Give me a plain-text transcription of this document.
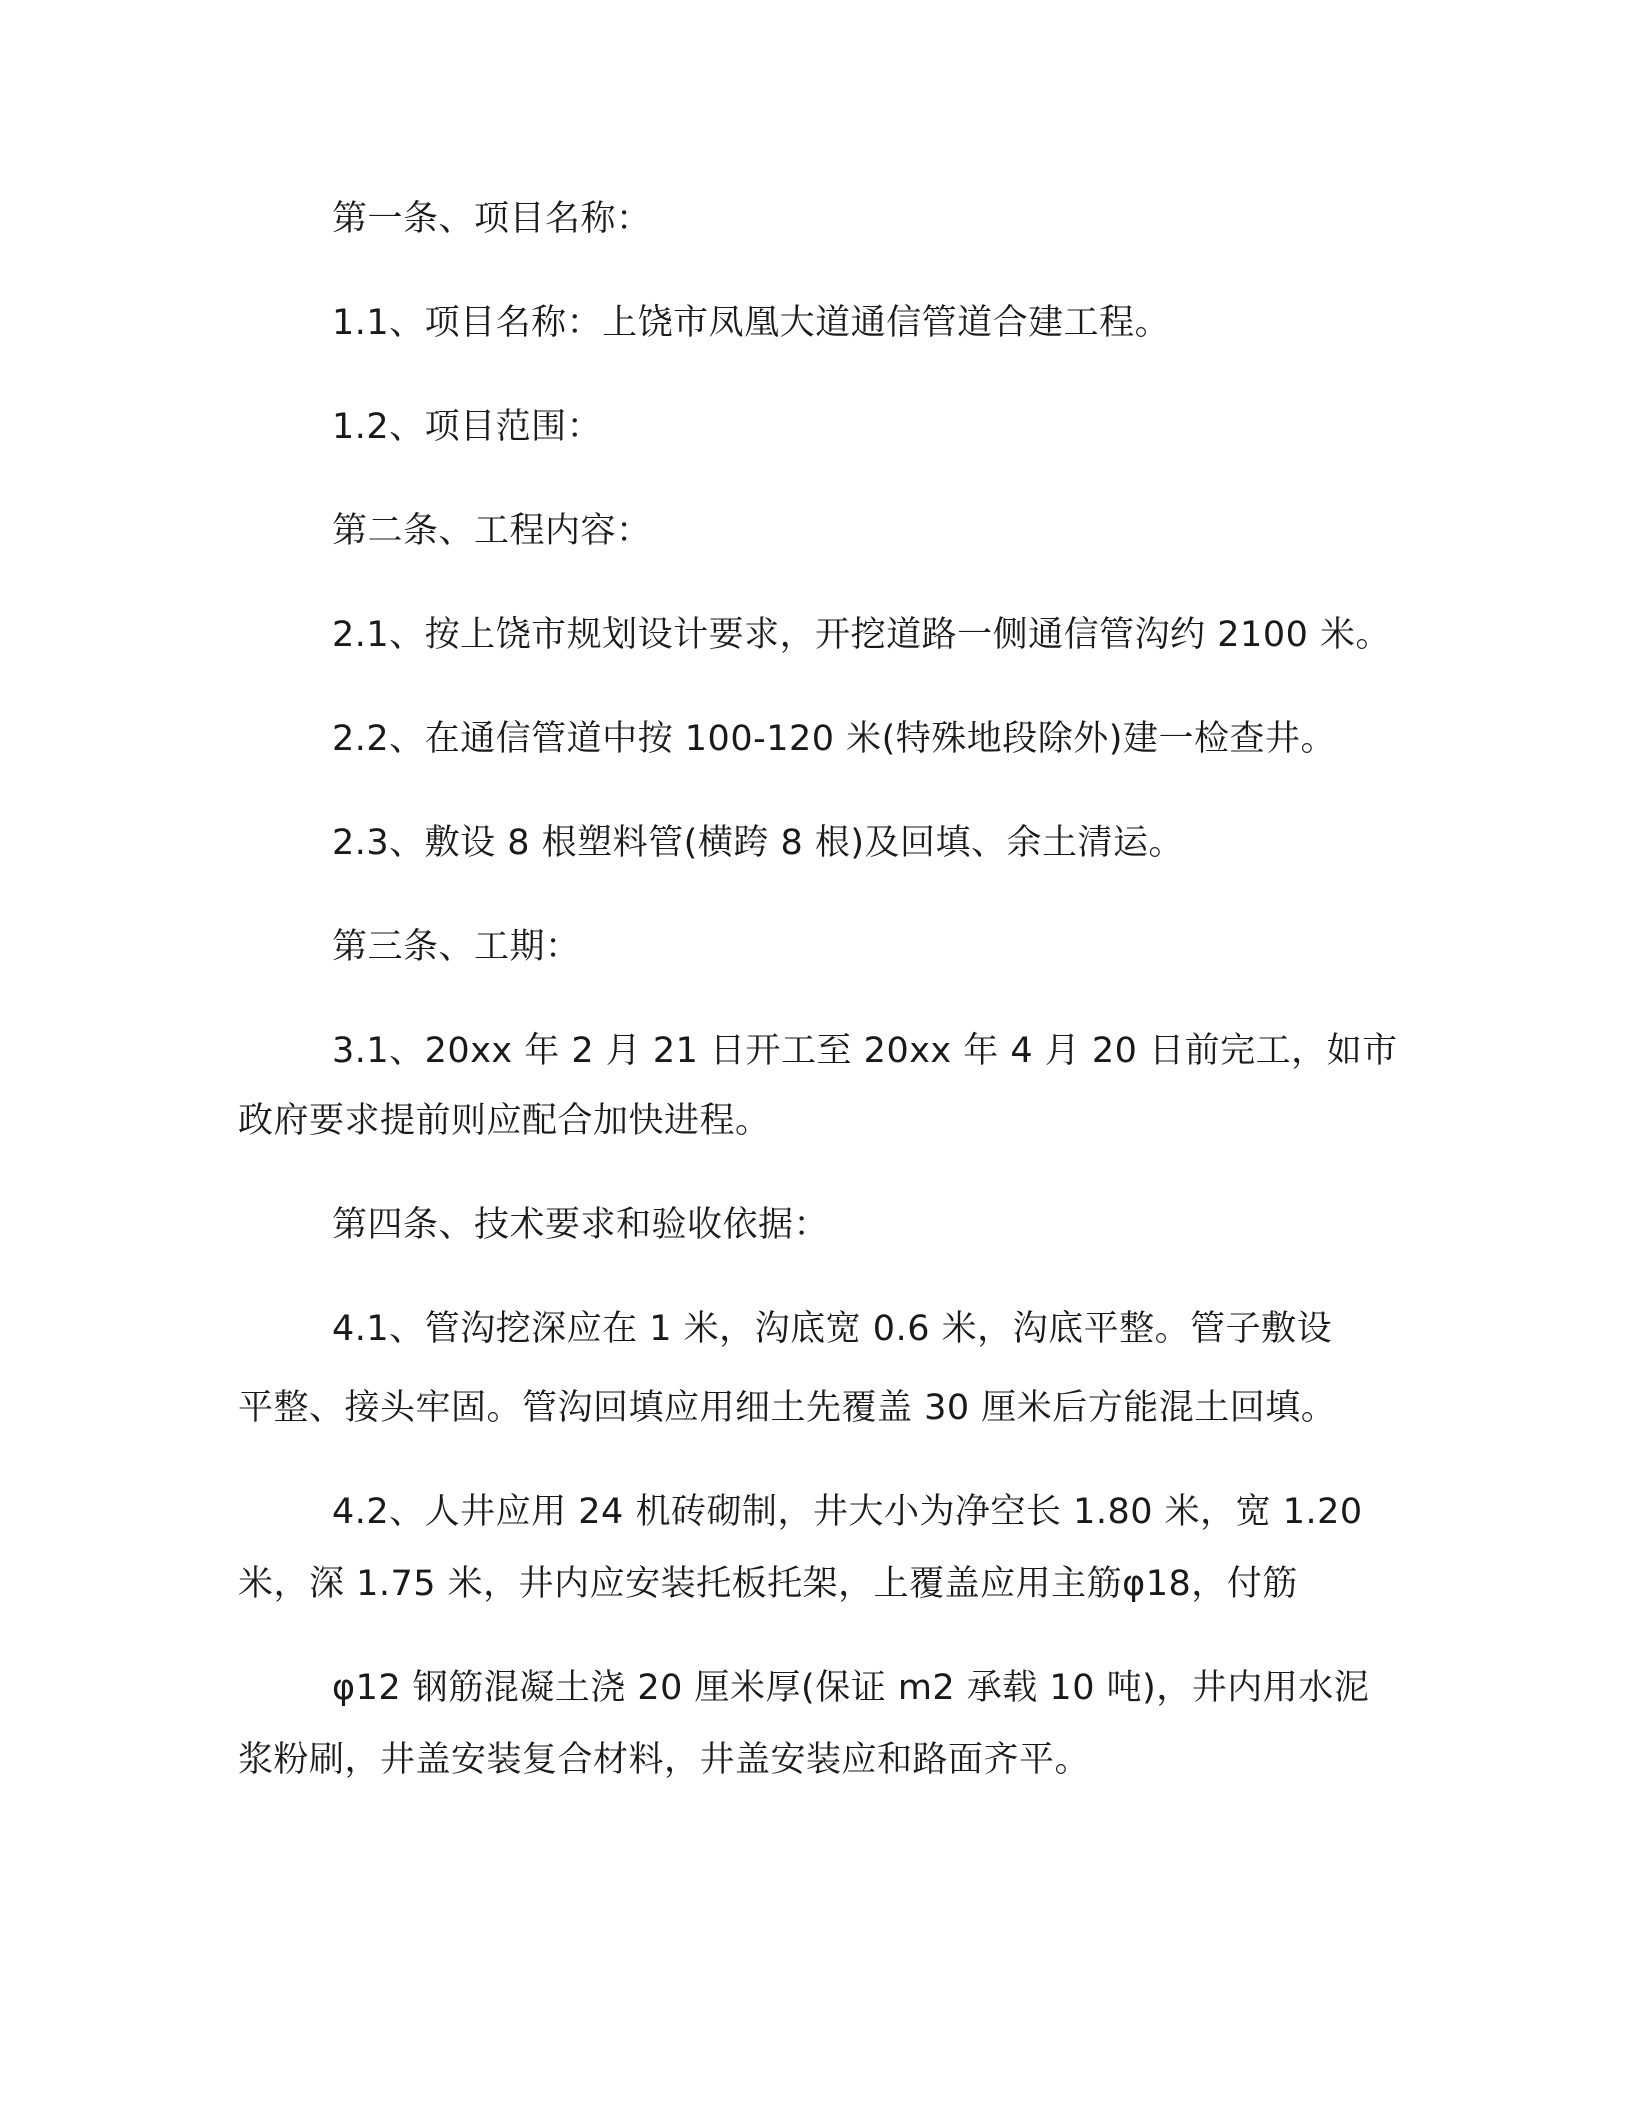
第一条、项目名称：

1.1、项目名称：上饶市凤凰大道通信管道合建工程。

1.2、项目范围：

第二条、工程内容：

2.1、按上饶市规划设计要求，开挖道路一侧通信管沟约 2100 米。

2.2、在通信管道中按 100-120 米(特殊地段除外)建一检查井。

2.3、敷设 8 根塑料管(横跨 8 根)及回填、余土清运。

第三条、工期：

3.1、20xx 年 2 月 21 日开工至 20xx 年 4 月 20 日前完工，如市

政府要求提前则应配合加快进程。

第四条、技术要求和验收依据：

4.1、管沟挖深应在 1 米，沟底宽 0.6 米，沟底平整。管子敷设

平整、接头牢固。管沟回填应用细土先覆盖 30 厘米后方能混土回填。

4.2、人井应用 24 机砖砌制，井大小为净空长 1.80 米，宽 1.20

米，深 1.75 米，井内应安装托板托架，上覆盖应用主筋φ18，付筋

φ12 钢筋混凝土浇 20 厘米厚(保证 m2 承载 10 吨)，井内用水泥

浆粉刷，井盖安装复合材料，井盖安装应和路面齐平。
